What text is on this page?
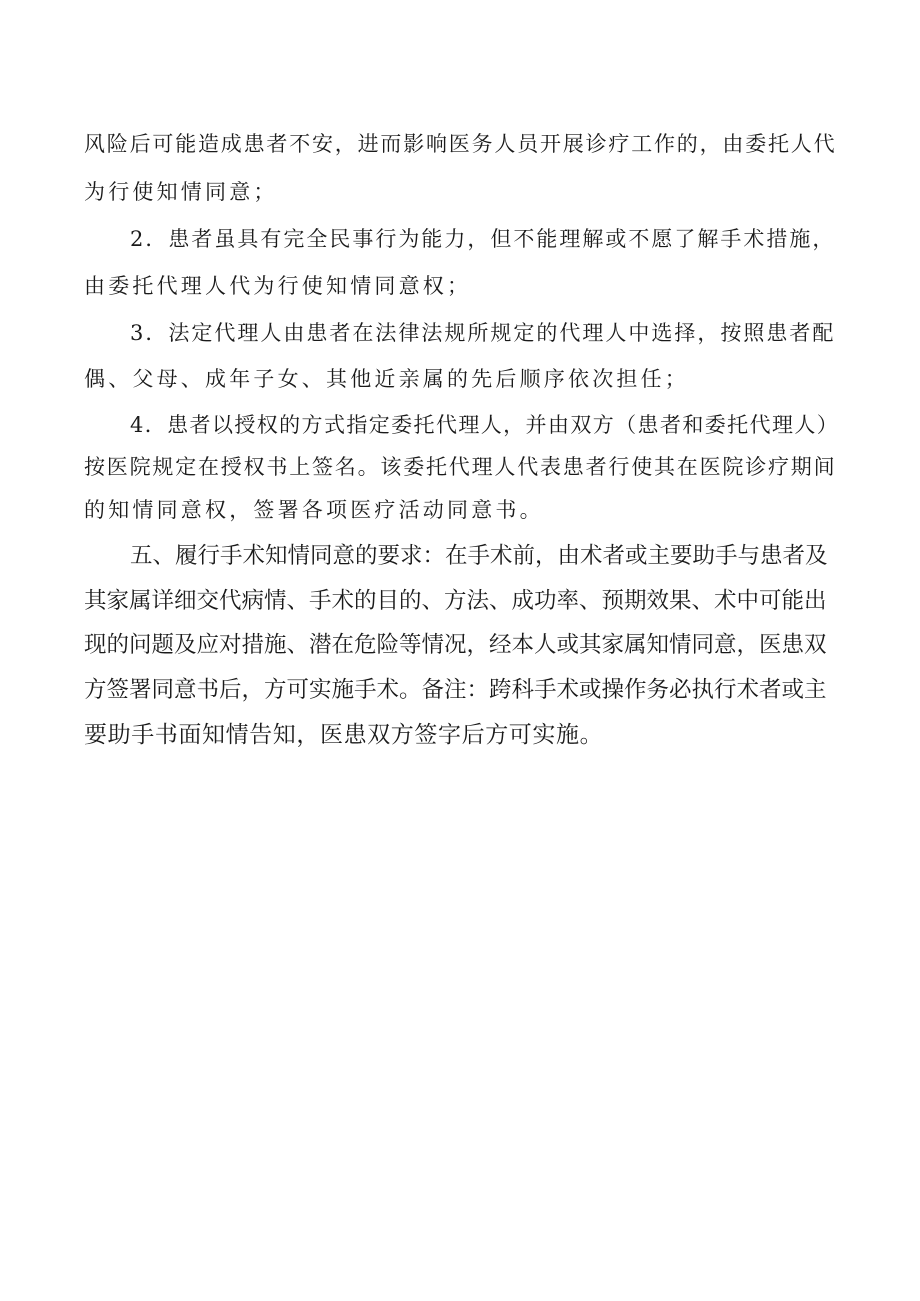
风险后可能造成患者不安，进而影响医务人员开展诊疗工作的，由委托人代
为行使知情同意；
2．患者虽具有完全民事行为能力，但不能理解或不愿了解手术措施，
由委托代理人代为行使知情同意权；
3．法定代理人由患者在法律法规所规定的代理人中选择，按照患者配
偶、父母、成年子女、其他近亲属的先后顺序依次担任；
4．患者以授权的方式指定委托代理人，并由双方（患者和委托代理人）
按医院规定在授权书上签名。该委托代理人代表患者行使其在医院诊疗期间
的知情同意权，签署各项医疗活动同意书。
五、履行手术知情同意的要求：在手术前，由术者或主要助手与患者及
其家属详细交代病情、手术的目的、方法、成功率、预期效果、术中可能出
现的问题及应对措施、潜在危险等情况，经本人或其家属知情同意，医患双
方签署同意书后，方可实施手术。备注：跨科手术或操作务必执行术者或主
要助手书面知情告知，医患双方签字后方可实施。
